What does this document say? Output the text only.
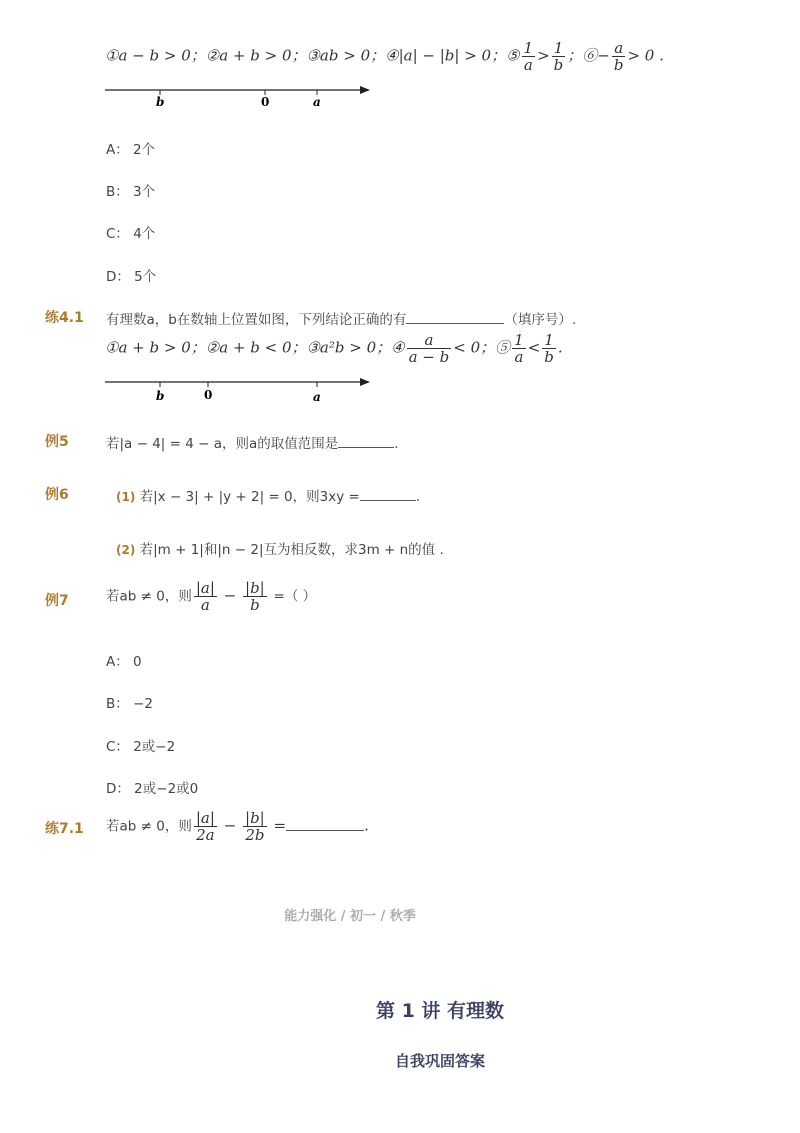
①a − b > 0；②a + b > 0；③ab > 0；④|a| − |b| > 0；⑤ $\frac{1}{a} > \frac{1}{b}$ ；⑥− $\frac{a}{b} > 0$ .
b	0	a
A： 2个
B： 3个
C： 4个
D： 5个
练4.1 有理数a，b在数轴上位置如图，下列结论正确的有	（填序号）.
①a + b > 0；②a + b < 0；③a²b > 0；④ $\frac{a}{a - b} < 0$；⑤ $\frac{1}{a} < \frac{1}{b}$ .
b	0	a
例5	若|a − 4| = 4 − a，则a的取值范围是	.
例6	(1) 若|x − 3| + |y + 2| = 0，则3xy =	.
(2) 若|m + 1|和|n − 2|互为相反数，求3m + n的值 .
例7	若ab ≠ 0，则 $\frac{|a|}{a} - \frac{|b|}{b}$ =（ ）
A： 0
B： −2
C： 2或−2
D： 2或−2或0
练7.1 若ab ≠ 0，则 $\frac{|a|}{2a} - \frac{|b|}{2b}$ =	.
能力强化 / 初一 / 秋季
第 1 讲 有理数
自我巩固答案
